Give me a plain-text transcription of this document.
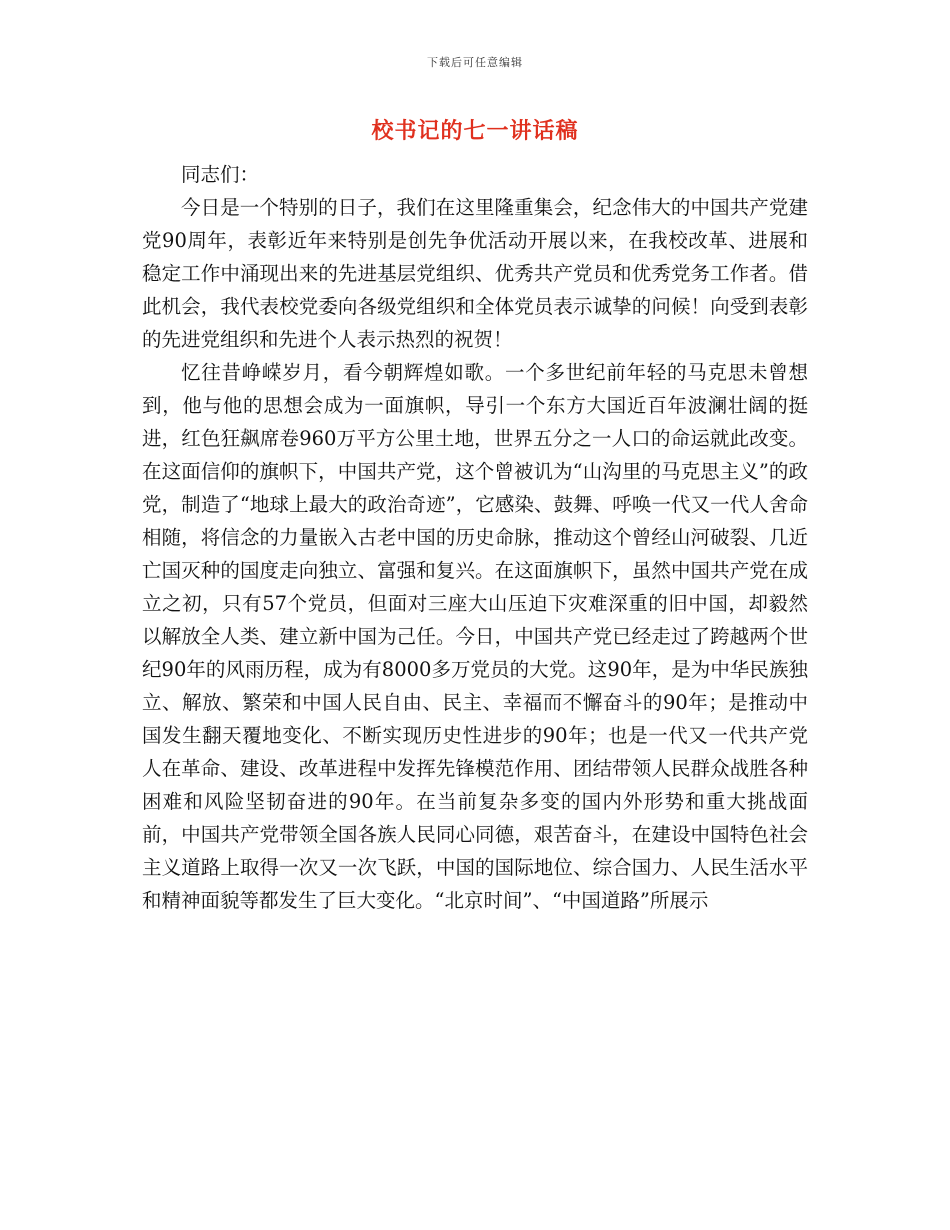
下载后可任意编辑
校书记的七一讲话稿

同志们：

今日是一个特别的日子，我们在这里隆重集会，纪念伟大的中国共产党建党90周年，表彰近年来特别是创先争优活动开展以来，在我校改革、进展和稳定工作中涌现出来的先进基层党组织、优秀共产党员和优秀党务工作者。借此机会，我代表校党委向各级党组织和全体党员表示诚挚的问候！向受到表彰的先进党组织和先进个人表示热烈的祝贺！

忆往昔峥嵘岁月，看今朝辉煌如歌。一个多世纪前年轻的马克思未曾想到，他与他的思想会成为一面旗帜，导引一个东方大国近百年波澜壮阔的挺进，红色狂飙席卷960万平方公里土地，世界五分之一人口的命运就此改变。在这面信仰的旗帜下，中国共产党，这个曾被讥为“山沟里的马克思主义”的政党，制造了“地球上最大的政治奇迹”，它感染、鼓舞、呼唤一代又一代人舍命相随，将信念的力量嵌入古老中国的历史命脉，推动这个曾经山河破裂、几近亡国灭种的国度走向独立、富强和复兴。在这面旗帜下，虽然中国共产党在成立之初，只有57个党员，但面对三座大山压迫下灾难深重的旧中国，却毅然以解放全人类、建立新中国为己任。今日，中国共产党已经走过了跨越两个世纪90年的风雨历程，成为有8000多万党员的大党。这90年，是为中华民族独立、解放、繁荣和中国人民自由、民主、幸福而不懈奋斗的90年；是推动中国发生翻天覆地变化、不断实现历史性进步的90年；也是一代又一代共产党人在革命、建设、改革进程中发挥先锋模范作用、团结带领人民群众战胜各种困难和风险坚韧奋进的90年。在当前复杂多变的国内外形势和重大挑战面前，中国共产党带领全国各族人民同心同德，艰苦奋斗，在建设中国特色社会主义道路上取得一次又一次飞跃，中国的国际地位、综合国力、人民生活水平和精神面貌等都发生了巨大变化。“北京时间”、“中国道路”所展示
